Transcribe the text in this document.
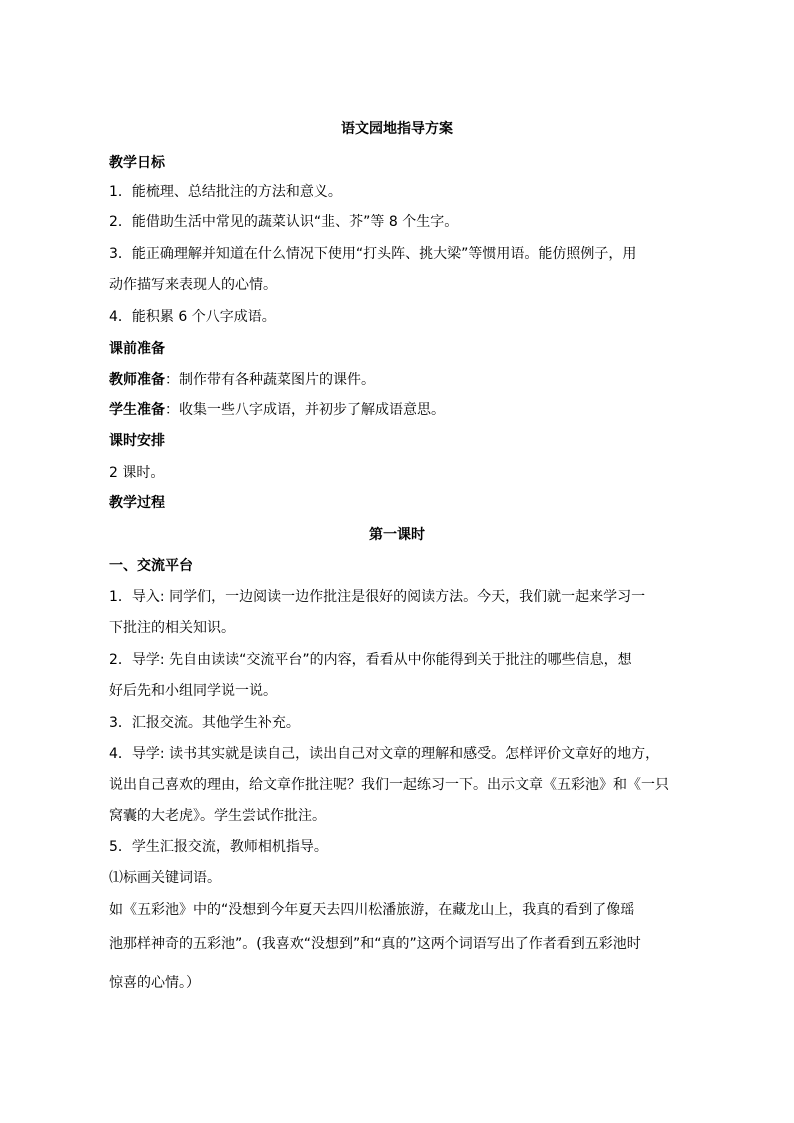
语文园地指导方案
教学日标
1．能梳理、总结批注的方法和意义。
2．能借助生活中常见的蔬菜认识“韭、芥”等 8 个生字。
3．能正确理解并知道在什么情况下使用“打头阵、挑大梁”等惯用语。能仿照例子，用
动作描写来表现人的心情。
4．能积累 6 个八字成语。
课前准备
教师准备：制作带有各种蔬菜图片的课件。
学生准备：收集一些八字成语，并初步了解成语意思。
课时安排
2 课时。
教学过程
第一课时
一、交流平台
1．导入: 同学们，一边阅读一边作批注是很好的阅读方法。今天，我们就一起来学习一
下批注的相关知识。
2．导学: 先自由读读“交流平台”的内容，看看从中你能得到关于批注的哪些信息，想
好后先和小组同学说一说。
3．汇报交流。其他学生补充。
4．导学: 读书其实就是读自己，读出自己对文章的理解和感受。怎样评价文章好的地方，
说出自己喜欢的理由，给文章作批注呢？我们一起练习一下。出示文章《五彩池》和《一只
窝囊的大老虎》。学生尝试作批注。
5．学生汇报交流，教师相机指导。
⑴标画关键词语。
如《五彩池》中的“没想到今年夏天去四川松潘旅游，在藏龙山上，我真的看到了像瑶
池那样神奇的五彩池”。(我喜欢“没想到”和“真的”这两个词语写出了作者看到五彩池时
惊喜的心情。）
